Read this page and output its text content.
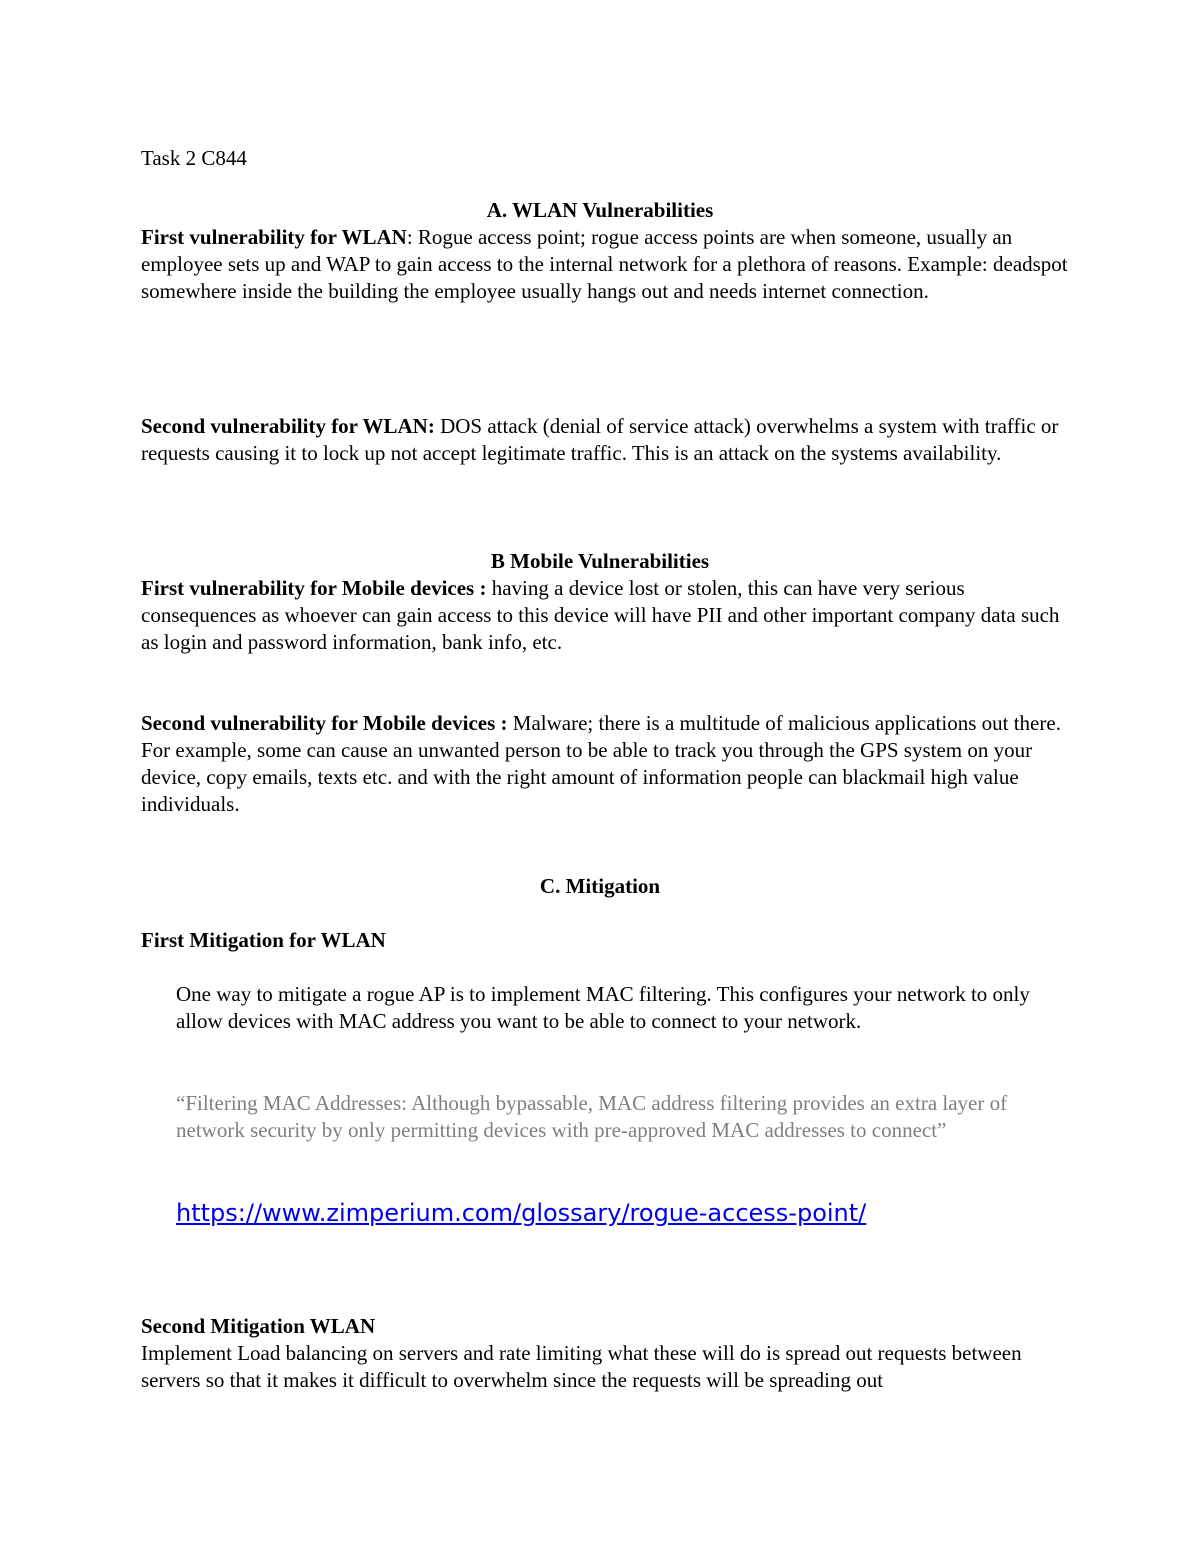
Task 2 C844

A. WLAN Vulnerabilities

First vulnerability for WLAN: Rogue access point; rogue access points are when someone, usually an employee sets up and WAP to gain access to the internal network for a plethora of reasons. Example: deadspot somewhere inside the building the employee usually hangs out and needs internet connection.

Second vulnerability for WLAN: DOS attack (denial of service attack) overwhelms a system with traffic or requests causing it to lock up not accept legitimate traffic. This is an attack on the systems availability.

B Mobile Vulnerabilities

First vulnerability for Mobile devices : having a device lost or stolen, this can have very serious consequences as whoever can gain access to this device will have PII and other important company data such as login and password information, bank info, etc.

Second vulnerability for Mobile devices : Malware; there is a multitude of malicious applications out there. For example, some can cause an unwanted person to be able to track you through the GPS system on your device, copy emails, texts etc. and with the right amount of information people can blackmail high value individuals.

C. Mitigation

First Mitigation for WLAN

One way to mitigate a rogue AP is to implement MAC filtering. This configures your network to only allow devices with MAC address you want to be able to connect to your network.

“Filtering MAC Addresses: Although bypassable, MAC address filtering provides an extra layer of network security by only permitting devices with pre-approved MAC addresses to connect”

https://www.zimperium.com/glossary/rogue-access-point/

Second Mitigation WLAN

Implement Load balancing on servers and rate limiting what these will do is spread out requests between servers so that it makes it difficult to overwhelm since the requests will be spreading out
